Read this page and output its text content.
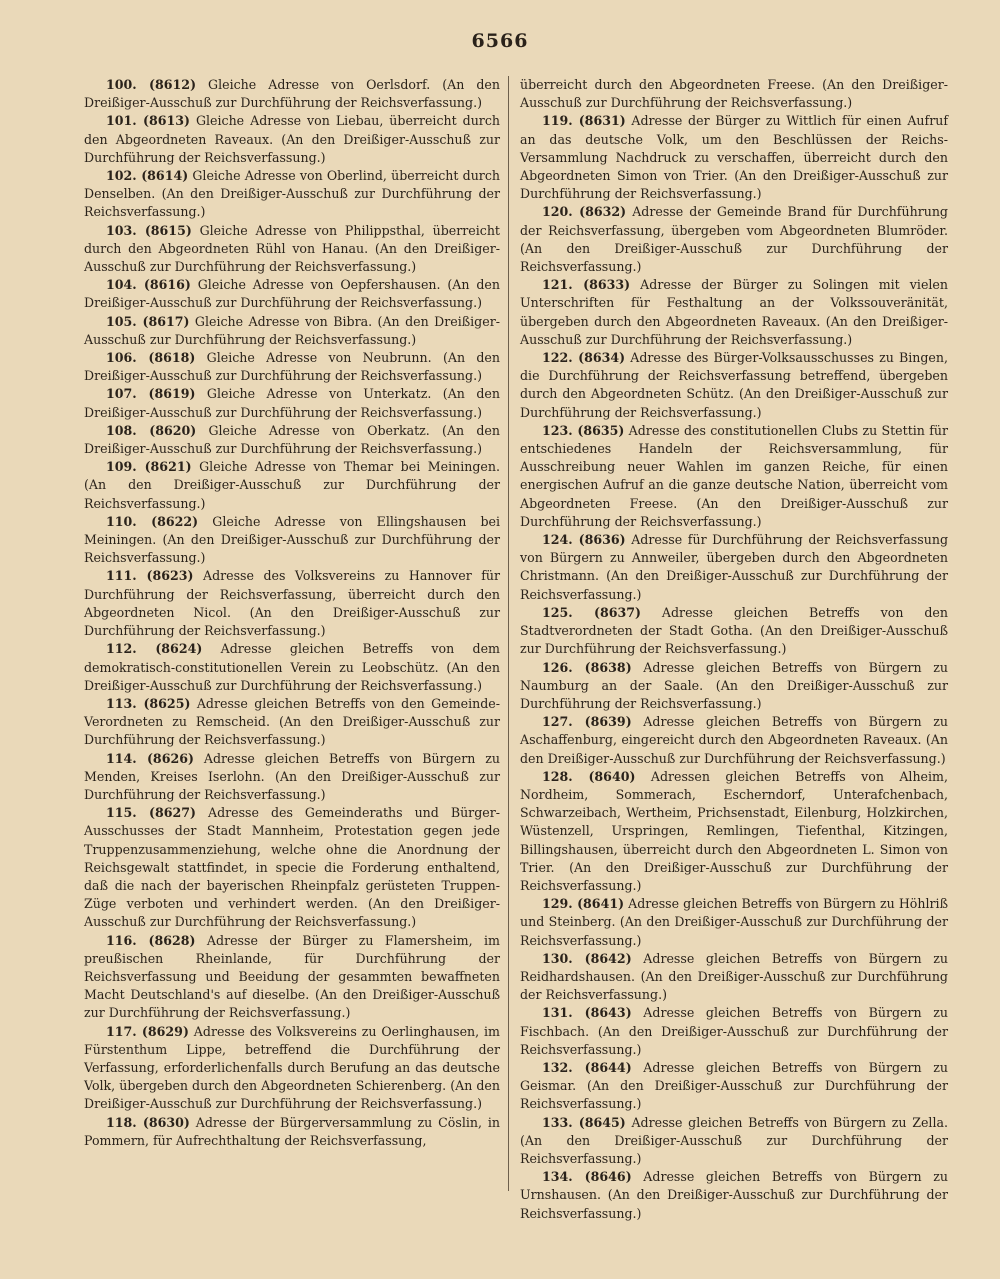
6566

100. (8612) Gleiche Adresse von Oerlsdorf. (An den Dreißiger-Ausschuß zur Durchführung der Reichsverfassung.)

101. (8613) Gleiche Adresse von Liebau, überreicht durch den Abgeordneten Raveaux. (An den Dreißiger-Ausschuß zur Durchführung der Reichsverfassung.)

102. (8614) Gleiche Adresse von Oberlind, überreicht durch Denselben. (An den Dreißiger-Ausschuß zur Durchführung der Reichsverfassung.)

103. (8615) Gleiche Adresse von Philippsthal, überreicht durch den Abgeordneten Rühl von Hanau. (An den Dreißiger-Ausschuß zur Durchführung der Reichsverfassung.)

104. (8616) Gleiche Adresse von Oepfershausen. (An den Dreißiger-Ausschuß zur Durchführung der Reichsverfassung.)

105. (8617) Gleiche Adresse von Bibra. (An den Dreißiger-Ausschuß zur Durchführung der Reichsverfassung.)

106. (8618) Gleiche Adresse von Neubrunn. (An den Dreißiger-Ausschuß zur Durchführung der Reichsverfassung.)

107. (8619) Gleiche Adresse von Unterkatz. (An den Dreißiger-Ausschuß zur Durchführung der Reichsverfassung.)

108. (8620) Gleiche Adresse von Oberkatz. (An den Dreißiger-Ausschuß zur Durchführung der Reichsverfassung.)

109. (8621) Gleiche Adresse von Themar bei Meiningen. (An den Dreißiger-Ausschuß zur Durchführung der Reichsverfassung.)

110. (8622) Gleiche Adresse von Ellingshausen bei Meiningen. (An den Dreißiger-Ausschuß zur Durchführung der Reichsverfassung.)

111. (8623) Adresse des Volksvereins zu Hannover für Durchführung der Reichsverfassung, überreicht durch den Abgeordneten Nicol. (An den Dreißiger-Ausschuß zur Durchführung der Reichsverfassung.)

112. (8624) Adresse gleichen Betreffs von dem demokratisch-constitutionellen Verein zu Leobschütz. (An den Dreißiger-Ausschuß zur Durchführung der Reichsverfassung.)

113. (8625) Adresse gleichen Betreffs von den Gemeinde-Verordneten zu Remscheid. (An den Dreißiger-Ausschuß zur Durchführung der Reichsverfassung.)

114. (8626) Adresse gleichen Betreffs von Bürgern zu Menden, Kreises Iserlohn. (An den Dreißiger-Ausschuß zur Durchführung der Reichsverfassung.)

115. (8627) Adresse des Gemeinderaths und Bürger-Ausschusses der Stadt Mannheim, Protestation gegen jede Truppenzusammenziehung, welche ohne die Anordnung der Reichsgewalt stattfindet, in specie die Forderung enthaltend, daß die nach der bayerischen Rheinpfalz gerüsteten Truppen-Züge verboten und verhindert werden. (An den Dreißiger-Ausschuß zur Durchführung der Reichsverfassung.)

116. (8628) Adresse der Bürger zu Flamersheim, im preußischen Rheinlande, für Durchführung der Reichsverfassung und Beeidung der gesammten bewaffneten Macht Deutschland's auf dieselbe. (An den Dreißiger-Ausschuß zur Durchführung der Reichsverfassung.)

117. (8629) Adresse des Volksvereins zu Oerlinghausen, im Fürstenthum Lippe, betreffend die Durchführung der Verfassung, erforderlichenfalls durch Berufung an das deutsche Volk, übergeben durch den Abgeordneten Schierenberg. (An den Dreißiger-Ausschuß zur Durchführung der Reichsverfassung.)

118. (8630) Adresse der Bürgerversammlung zu Cöslin, in Pommern, für Aufrechthaltung der Reichsverfassung,

überreicht durch den Abgeordneten Freese. (An den Dreißiger-Ausschuß zur Durchführung der Reichsverfassung.)

119. (8631) Adresse der Bürger zu Wittlich für einen Aufruf an das deutsche Volk, um den Beschlüssen der Reichs-Versammlung Nachdruck zu verschaffen, überreicht durch den Abgeordneten Simon von Trier. (An den Dreißiger-Ausschuß zur Durchführung der Reichsverfassung.)

120. (8632) Adresse der Gemeinde Brand für Durchführung der Reichsverfassung, übergeben vom Abgeordneten Blumröder. (An den Dreißiger-Ausschuß zur Durchführung der Reichsverfassung.)

121. (8633) Adresse der Bürger zu Solingen mit vielen Unterschriften für Festhaltung an der Volkssouveränität, übergeben durch den Abgeordneten Raveaux. (An den Dreißiger-Ausschuß zur Durchführung der Reichsverfassung.)

122. (8634) Adresse des Bürger-Volksausschusses zu Bingen, die Durchführung der Reichsverfassung betreffend, übergeben durch den Abgeordneten Schütz. (An den Dreißiger-Ausschuß zur Durchführung der Reichsverfassung.)

123. (8635) Adresse des constitutionellen Clubs zu Stettin für entschiedenes Handeln der Reichsversammlung, für Ausschreibung neuer Wahlen im ganzen Reiche, für einen energischen Aufruf an die ganze deutsche Nation, überreicht vom Abgeordneten Freese. (An den Dreißiger-Ausschuß zur Durchführung der Reichsverfassung.)

124. (8636) Adresse für Durchführung der Reichsverfassung von Bürgern zu Annweiler, übergeben durch den Abgeordneten Christmann. (An den Dreißiger-Ausschuß zur Durchführung der Reichsverfassung.)

125. (8637) Adresse gleichen Betreffs von den Stadtverordneten der Stadt Gotha. (An den Dreißiger-Ausschuß zur Durchführung der Reichsverfassung.)

126. (8638) Adresse gleichen Betreffs von Bürgern zu Naumburg an der Saale. (An den Dreißiger-Ausschuß zur Durchführung der Reichsverfassung.)

127. (8639) Adresse gleichen Betreffs von Bürgern zu Aschaffenburg, eingereicht durch den Abgeordneten Raveaux. (An den Dreißiger-Ausschuß zur Durchführung der Reichsverfassung.)

128. (8640) Adressen gleichen Betreffs von Alheim, Nordheim, Sommerach, Escherndorf, Unterafchenbach, Schwarzeibach, Wertheim, Prichsenstadt, Eilenburg, Holzkirchen, Wüstenzell, Urspringen, Remlingen, Tiefenthal, Kitzingen, Billingshausen, überreicht durch den Abgeordneten L. Simon von Trier. (An den Dreißiger-Ausschuß zur Durchführung der Reichsverfassung.)

129. (8641) Adresse gleichen Betreffs von Bürgern zu Höhlriß und Steinberg. (An den Dreißiger-Ausschuß zur Durchführung der Reichsverfassung.)

130. (8642) Adresse gleichen Betreffs von Bürgern zu Reidhardshausen. (An den Dreißiger-Ausschuß zur Durchführung der Reichsverfassung.)

131. (8643) Adresse gleichen Betreffs von Bürgern zu Fischbach. (An den Dreißiger-Ausschuß zur Durchführung der Reichsverfassung.)

132. (8644) Adresse gleichen Betreffs von Bürgern zu Geismar. (An den Dreißiger-Ausschuß zur Durchführung der Reichsverfassung.)

133. (8645) Adresse gleichen Betreffs von Bürgern zu Zella. (An den Dreißiger-Ausschuß zur Durchführung der Reichsverfassung.)

134. (8646) Adresse gleichen Betreffs von Bürgern zu Urnshausen. (An den Dreißiger-Ausschuß zur Durchführung der Reichsverfassung.)
